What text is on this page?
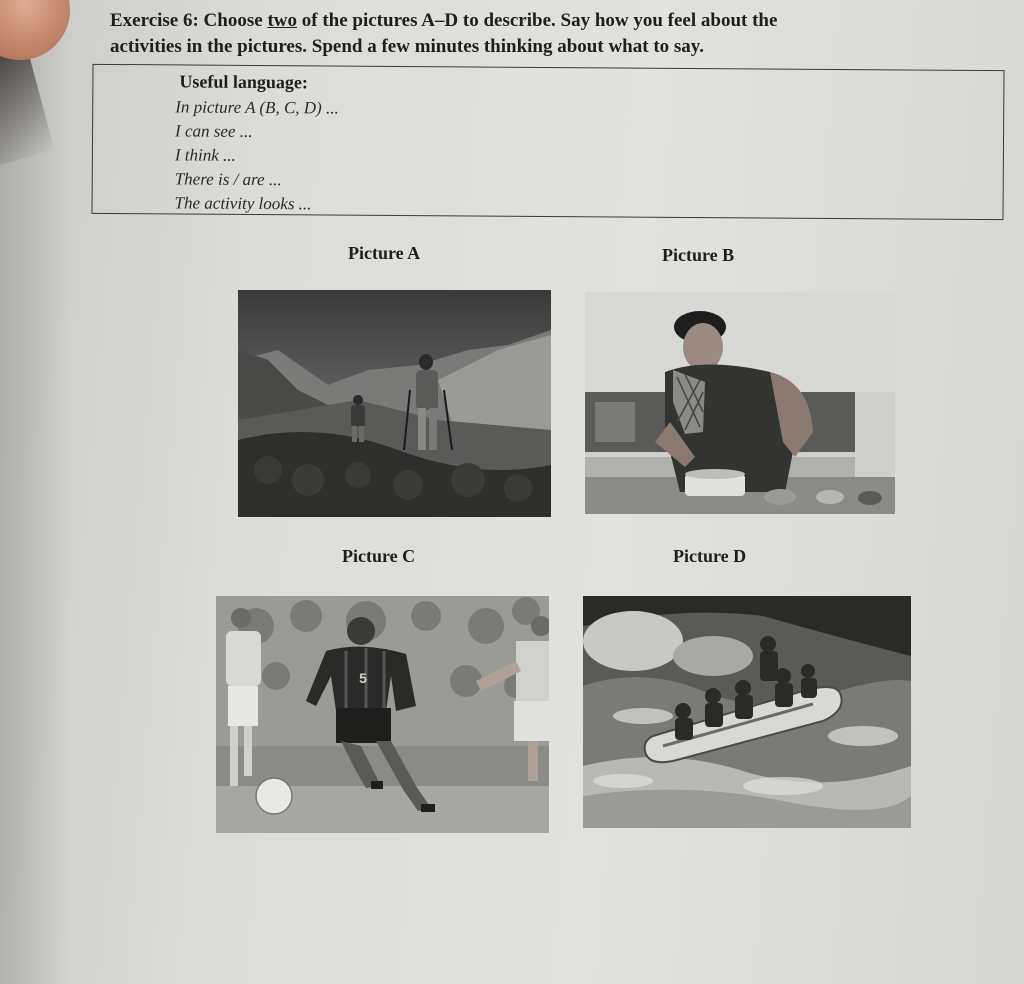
Exercise 6: Choose two of the pictures A–D to describe. Say how you feel about the
activities in the pictures. Spend a few minutes thinking about what to say.
Useful language:
In picture A (B, C, D) ...
I can see ...
I think ...
There is / are ...
The activity looks ...
Picture A	Picture B
Picture C	Picture D
5
